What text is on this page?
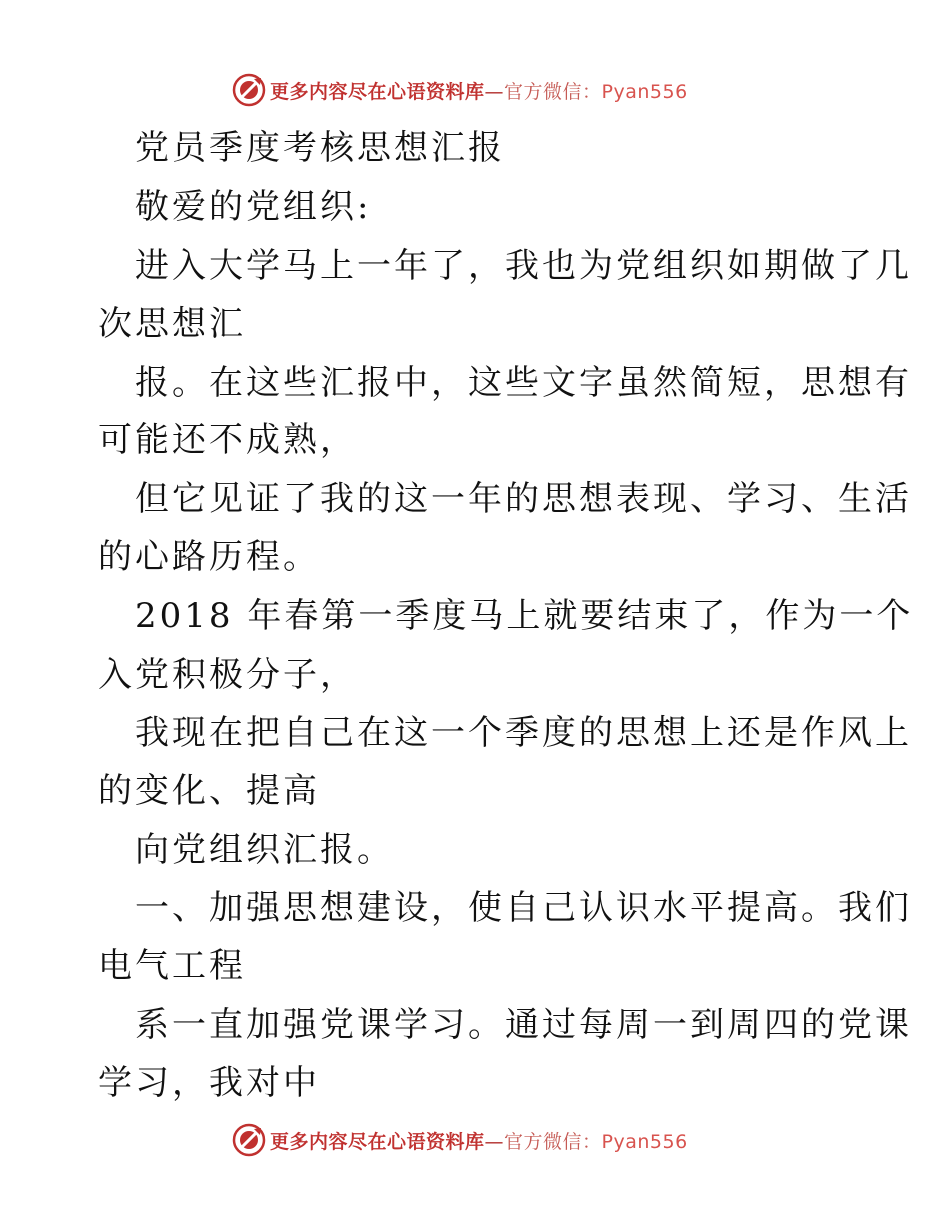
更多内容尽在心语资料库—官方微信：Pyan556
党员季度考核思想汇报
敬爱的党组织:
进入大学马上一年了，我也为党组织如期做了几
次思想汇
报。在这些汇报中，这些文字虽然简短，思想有
可能还不成熟，
但它见证了我的这一年的思想表现、学习、生活
的心路历程。
2018 年春第一季度马上就要结束了，作为一个
入党积极分子，
我现在把自己在这一个季度的思想上还是作风上
的变化、提高
向党组织汇报。
一、加强思想建设，使自己认识水平提高。我们
电气工程
系一直加强党课学习。通过每周一到周四的党课
学习，我对中
更多内容尽在心语资料库—官方微信：Pyan556
